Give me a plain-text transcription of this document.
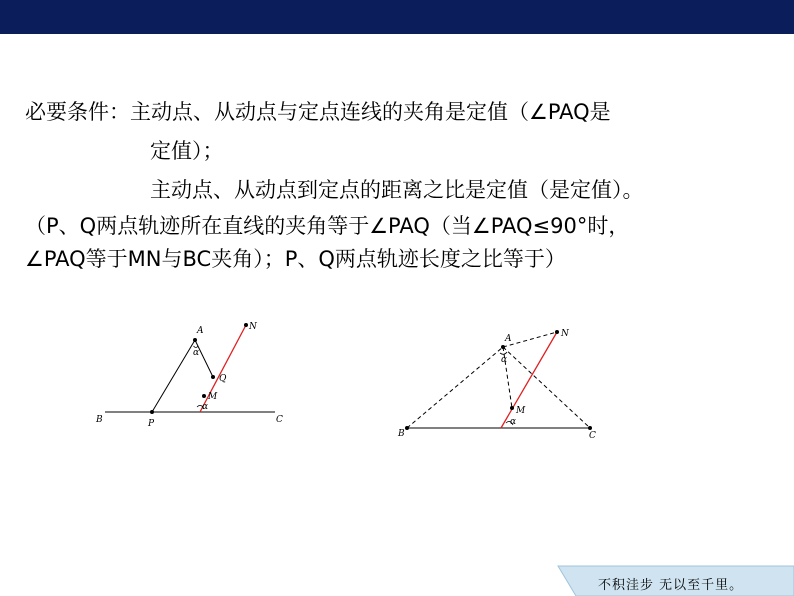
必要条件：主动点、从动点与定点连线的夹角是定值（∠PAQ是
定值）；
主动点、从动点到定点的距离之比是定值（是定值）。
（P、Q两点轨迹所在直线的夹角等于∠PAQ（当∠PAQ≤90°时，
∠PAQ等于MN与BC夹角）；P、Q两点轨迹长度之比等于）
A	N
Q
M
α
α
B	P	C
A	N
M
α
α
B	C
不积洼步 无以至千里。
